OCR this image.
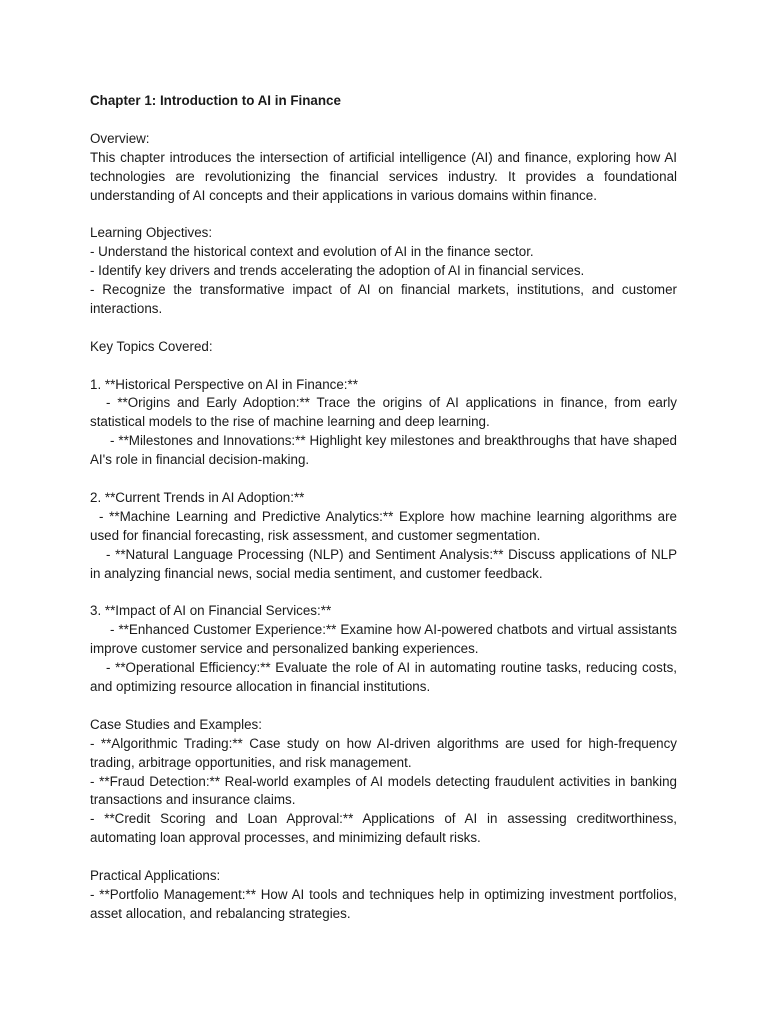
Chapter 1: Introduction to AI in Finance

Overview:

This chapter introduces the intersection of artificial intelligence (AI) and finance, exploring how AI technologies are revolutionizing the financial services industry. It provides a foundational understanding of AI concepts and their applications in various domains within finance.

Learning Objectives:

- Understand the historical context and evolution of AI in the finance sector.

- Identify key drivers and trends accelerating the adoption of AI in financial services.

- Recognize the transformative impact of AI on financial markets, institutions, and customer interactions.

Key Topics Covered:

1. **Historical Perspective on AI in Finance:**

- **Origins and Early Adoption:** Trace the origins of AI applications in finance, from early statistical models to the rise of machine learning and deep learning.

- **Milestones and Innovations:** Highlight key milestones and breakthroughs that have shaped AI's role in financial decision-making.

2. **Current Trends in AI Adoption:**

- **Machine Learning and Predictive Analytics:** Explore how machine learning algorithms are used for financial forecasting, risk assessment, and customer segmentation.

- **Natural Language Processing (NLP) and Sentiment Analysis:** Discuss applications of NLP in analyzing financial news, social media sentiment, and customer feedback.

3. **Impact of AI on Financial Services:**

- **Enhanced Customer Experience:** Examine how AI-powered chatbots and virtual assistants improve customer service and personalized banking experiences.

- **Operational Efficiency:** Evaluate the role of AI in automating routine tasks, reducing costs, and optimizing resource allocation in financial institutions.

Case Studies and Examples:

- **Algorithmic Trading:** Case study on how AI-driven algorithms are used for high-frequency trading, arbitrage opportunities, and risk management.

- **Fraud Detection:** Real-world examples of AI models detecting fraudulent activities in banking transactions and insurance claims.

- **Credit Scoring and Loan Approval:** Applications of AI in assessing creditworthiness, automating loan approval processes, and minimizing default risks.

Practical Applications:

- **Portfolio Management:** How AI tools and techniques help in optimizing investment portfolios, asset allocation, and rebalancing strategies.
